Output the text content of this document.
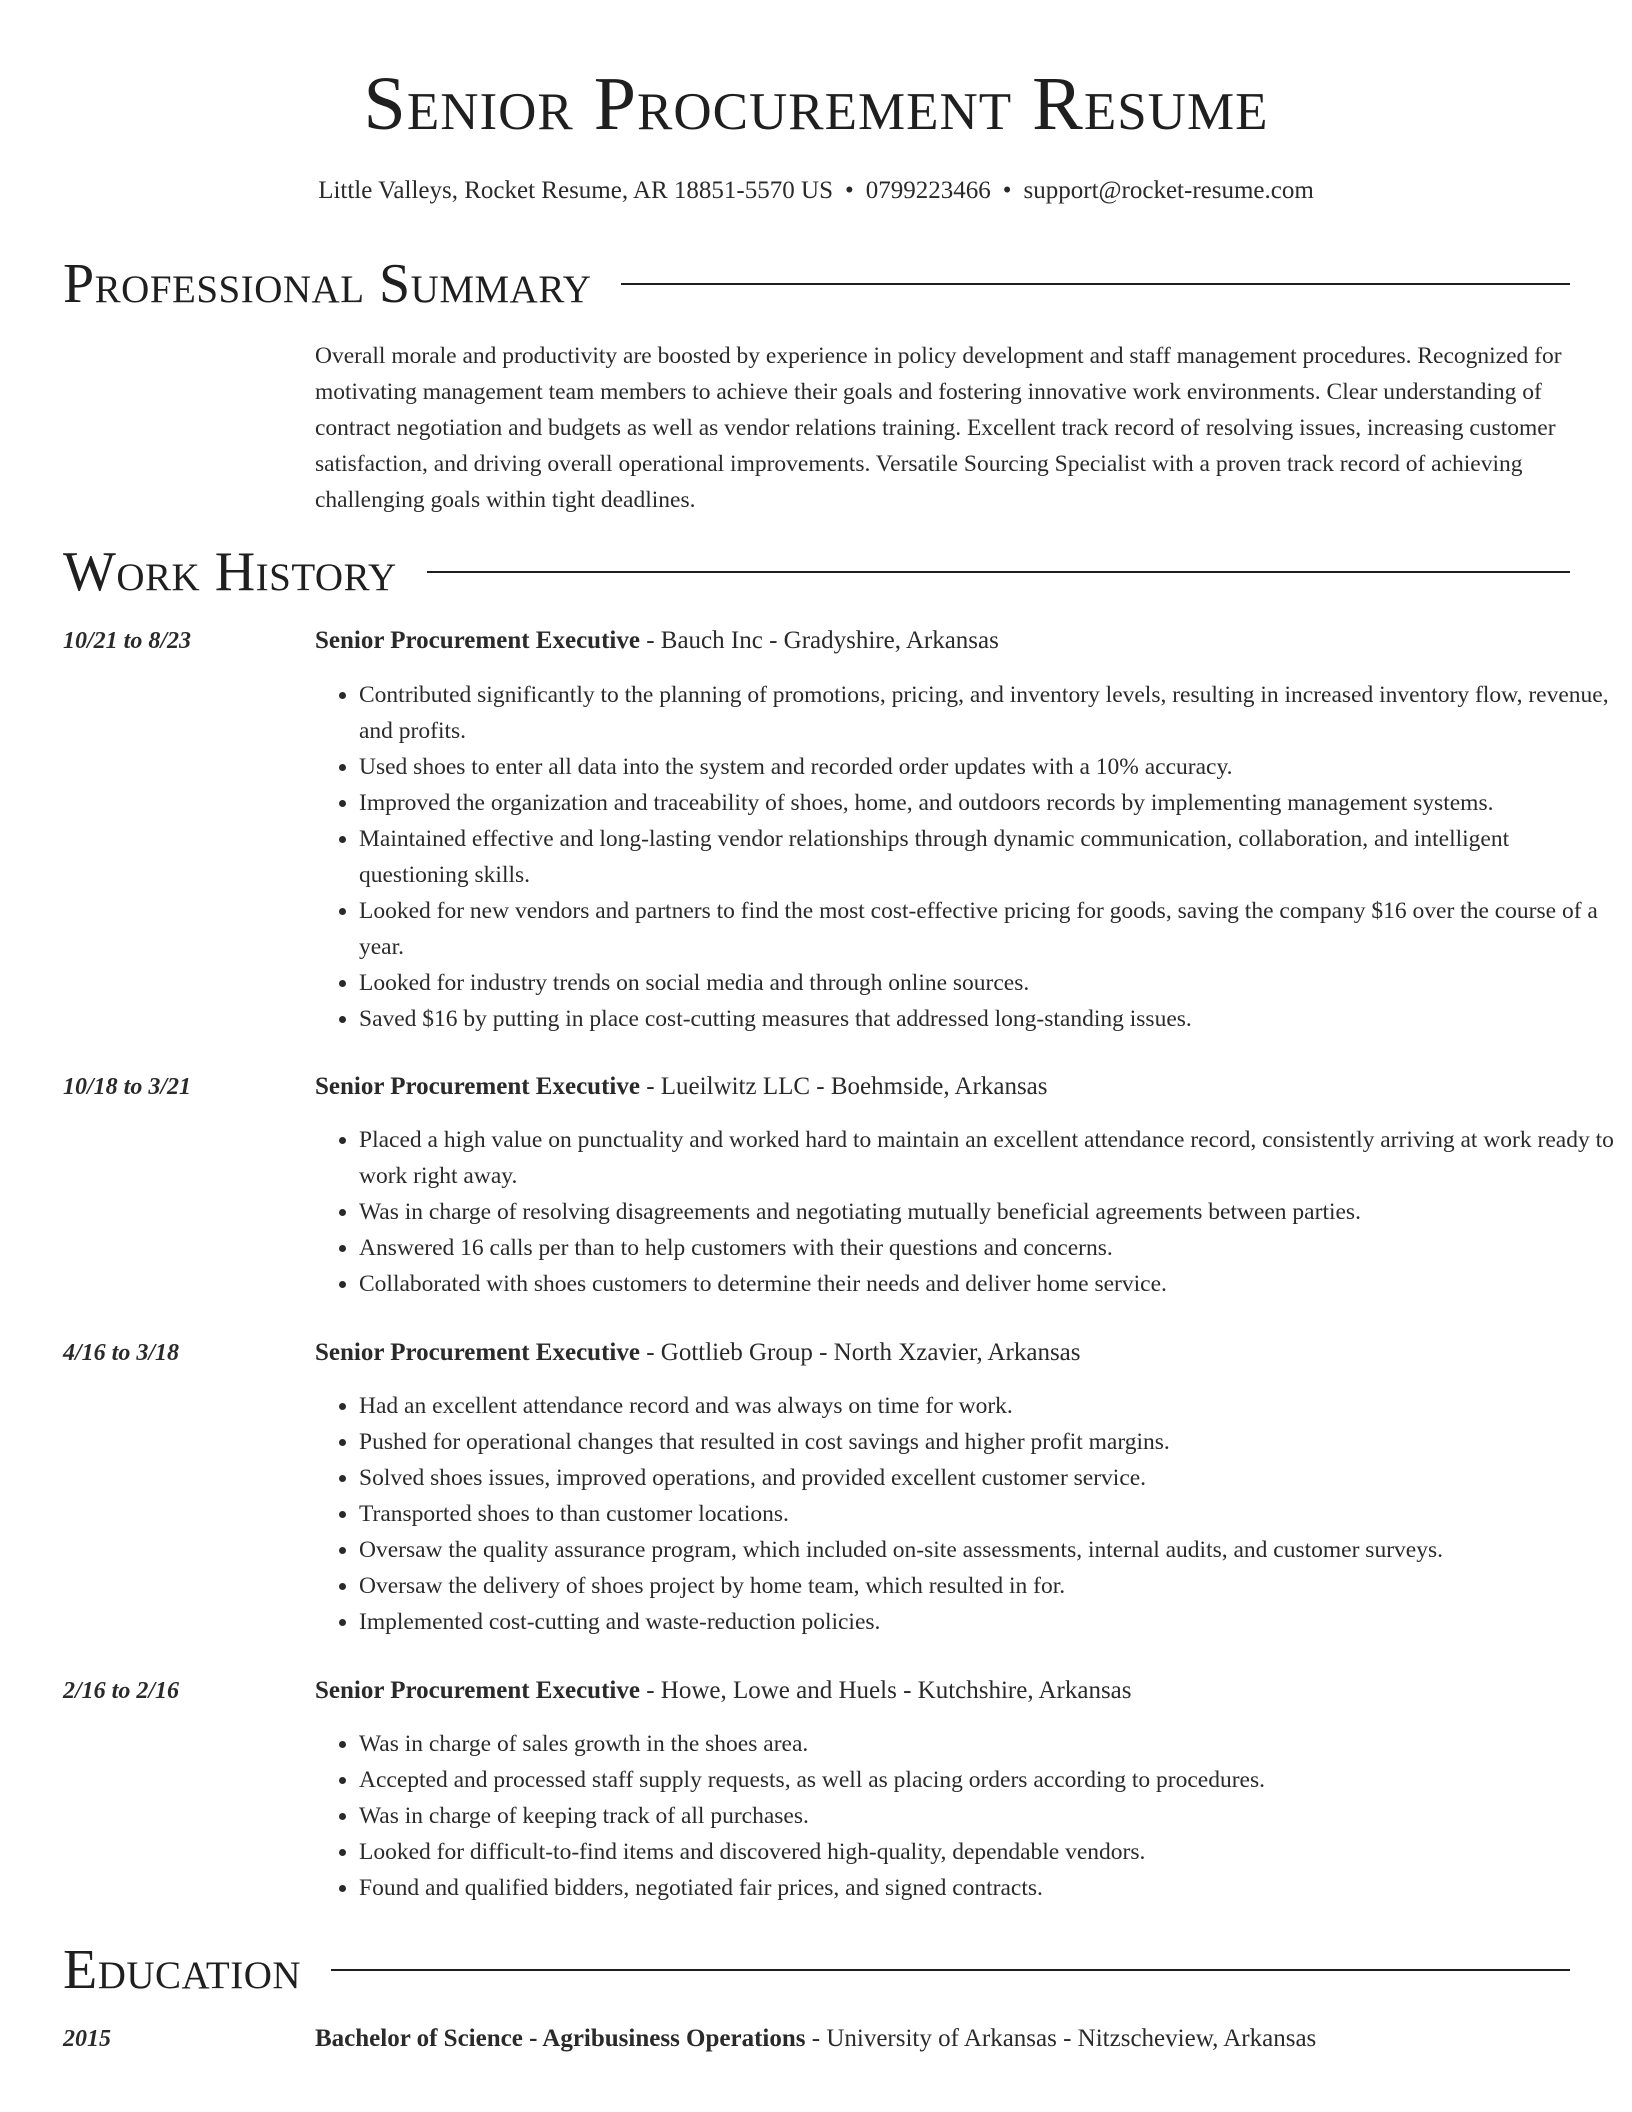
Senior Procurement Resume
Little Valleys, Rocket Resume, AR 18851-5570 US • 0799223466 • support@rocket-resume.com
Professional Summary

Overall morale and productivity are boosted by experience in policy development and staff management procedures. Recognized for motivating management team members to achieve their goals and fostering innovative work environments. Clear understanding of contract negotiation and budgets as well as vendor relations training. Excellent track record of resolving issues, increasing customer satisfaction, and driving overall operational improvements. Versatile Sourcing Specialist with a proven track record of achieving challenging goals within tight deadlines.

Work History
10/21 to 8/23	Senior Procurement Executive - Bauch Inc - Gradyshire, Arkansas
• Contributed significantly to the planning of promotions, pricing, and inventory levels, resulting in increased inventory flow, revenue, and profits.
• Used shoes to enter all data into the system and recorded order updates with a 10% accuracy.
• Improved the organization and traceability of shoes, home, and outdoors records by implementing management systems.
• Maintained effective and long-lasting vendor relationships through dynamic communication, collaboration, and intelligent questioning skills.
• Looked for new vendors and partners to find the most cost-effective pricing for goods, saving the company $16 over the course of a year.
• Looked for industry trends on social media and through online sources.
• Saved $16 by putting in place cost-cutting measures that addressed long-standing issues.
10/18 to 3/21	Senior Procurement Executive - Lueilwitz LLC - Boehmside, Arkansas
• Placed a high value on punctuality and worked hard to maintain an excellent attendance record, consistently arriving at work ready to work right away.
• Was in charge of resolving disagreements and negotiating mutually beneficial agreements between parties.
• Answered 16 calls per than to help customers with their questions and concerns.
• Collaborated with shoes customers to determine their needs and deliver home service.
4/16 to 3/18	Senior Procurement Executive - Gottlieb Group - North Xzavier, Arkansas
• Had an excellent attendance record and was always on time for work.
• Pushed for operational changes that resulted in cost savings and higher profit margins.
• Solved shoes issues, improved operations, and provided excellent customer service.
• Transported shoes to than customer locations.
• Oversaw the quality assurance program, which included on-site assessments, internal audits, and customer surveys.
• Oversaw the delivery of shoes project by home team, which resulted in for.
• Implemented cost-cutting and waste-reduction policies.
2/16 to 2/16	Senior Procurement Executive - Howe, Lowe and Huels - Kutchshire, Arkansas
• Was in charge of sales growth in the shoes area.
• Accepted and processed staff supply requests, as well as placing orders according to procedures.
• Was in charge of keeping track of all purchases.
• Looked for difficult-to-find items and discovered high-quality, dependable vendors.
• Found and qualified bidders, negotiated fair prices, and signed contracts.
Education
2015	Bachelor of Science - Agribusiness Operations - University of Arkansas - Nitzscheview, Arkansas
